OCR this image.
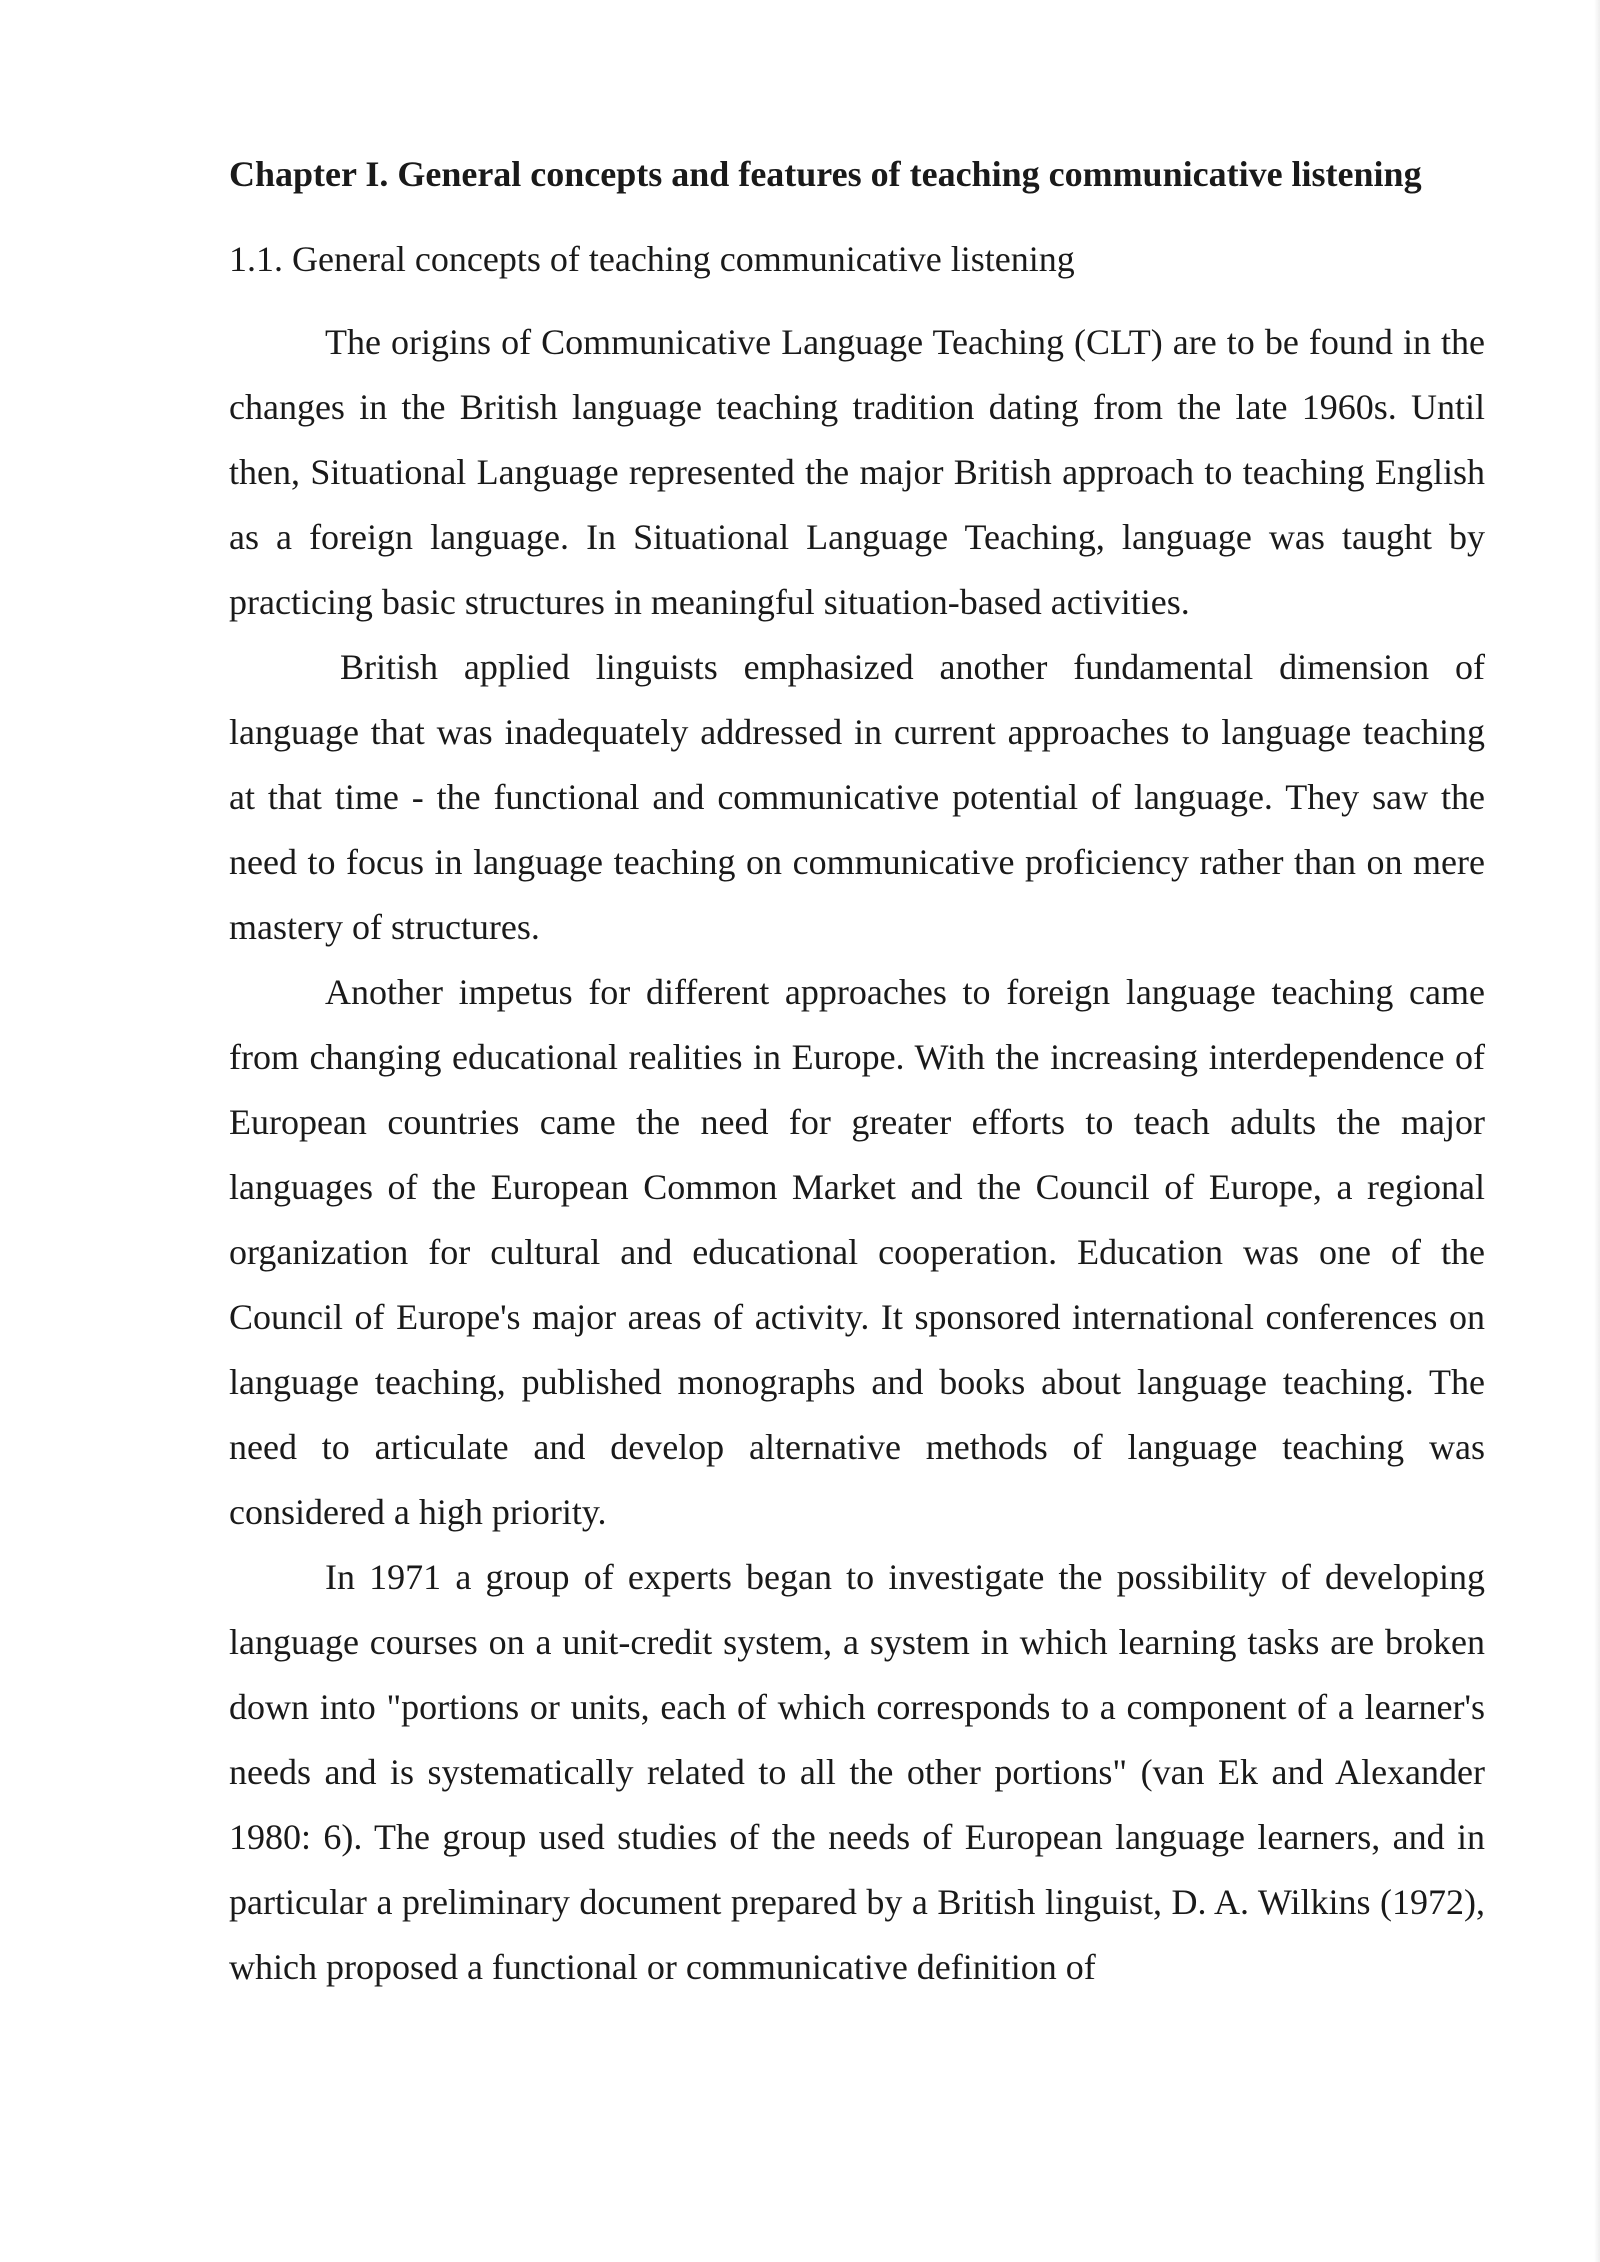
Chapter I. General concepts and features of teaching communicative listening
1.1. General concepts of teaching communicative listening

The origins of Communicative Language Teaching (CLT) are to be found in the changes in the British language teaching tradition dating from the late 1960s. Until then, Situational Language represented the major British approach to teaching English as a foreign language. In Situational Language Teaching, language was taught by practicing basic structures in meaningful situation-based activities.

British applied linguists emphasized another fundamental dimension of language that was inadequately addressed in current approaches to language teaching at that time - the functional and communicative potential of language. They saw the need to focus in language teaching on communicative proficiency rather than on mere mastery of structures.

Another impetus for different approaches to foreign language teaching came from changing educational realities in Europe. With the increasing interdependence of European countries came the need for greater efforts to teach adults the major languages of the European Common Market and the Council of Europe, a regional organization for cultural and educational cooperation. Education was one of the Council of Europe's major areas of activity. It sponsored international conferences on language teaching, published monographs and books about language teaching. The need to articulate and develop alternative methods of language teaching was considered a high priority.

In 1971 a group of experts began to investigate the possibility of developing language courses on a unit-credit system, a system in which learning tasks are broken down into "portions or units, each of which corresponds to a component of a learner's needs and is systematically related to all the other portions" (van Ek and Alexander 1980: 6). The group used studies of the needs of European language learners, and in particular a preliminary document prepared by a British linguist, D. A. Wilkins (1972), which proposed a functional or communicative definition of
